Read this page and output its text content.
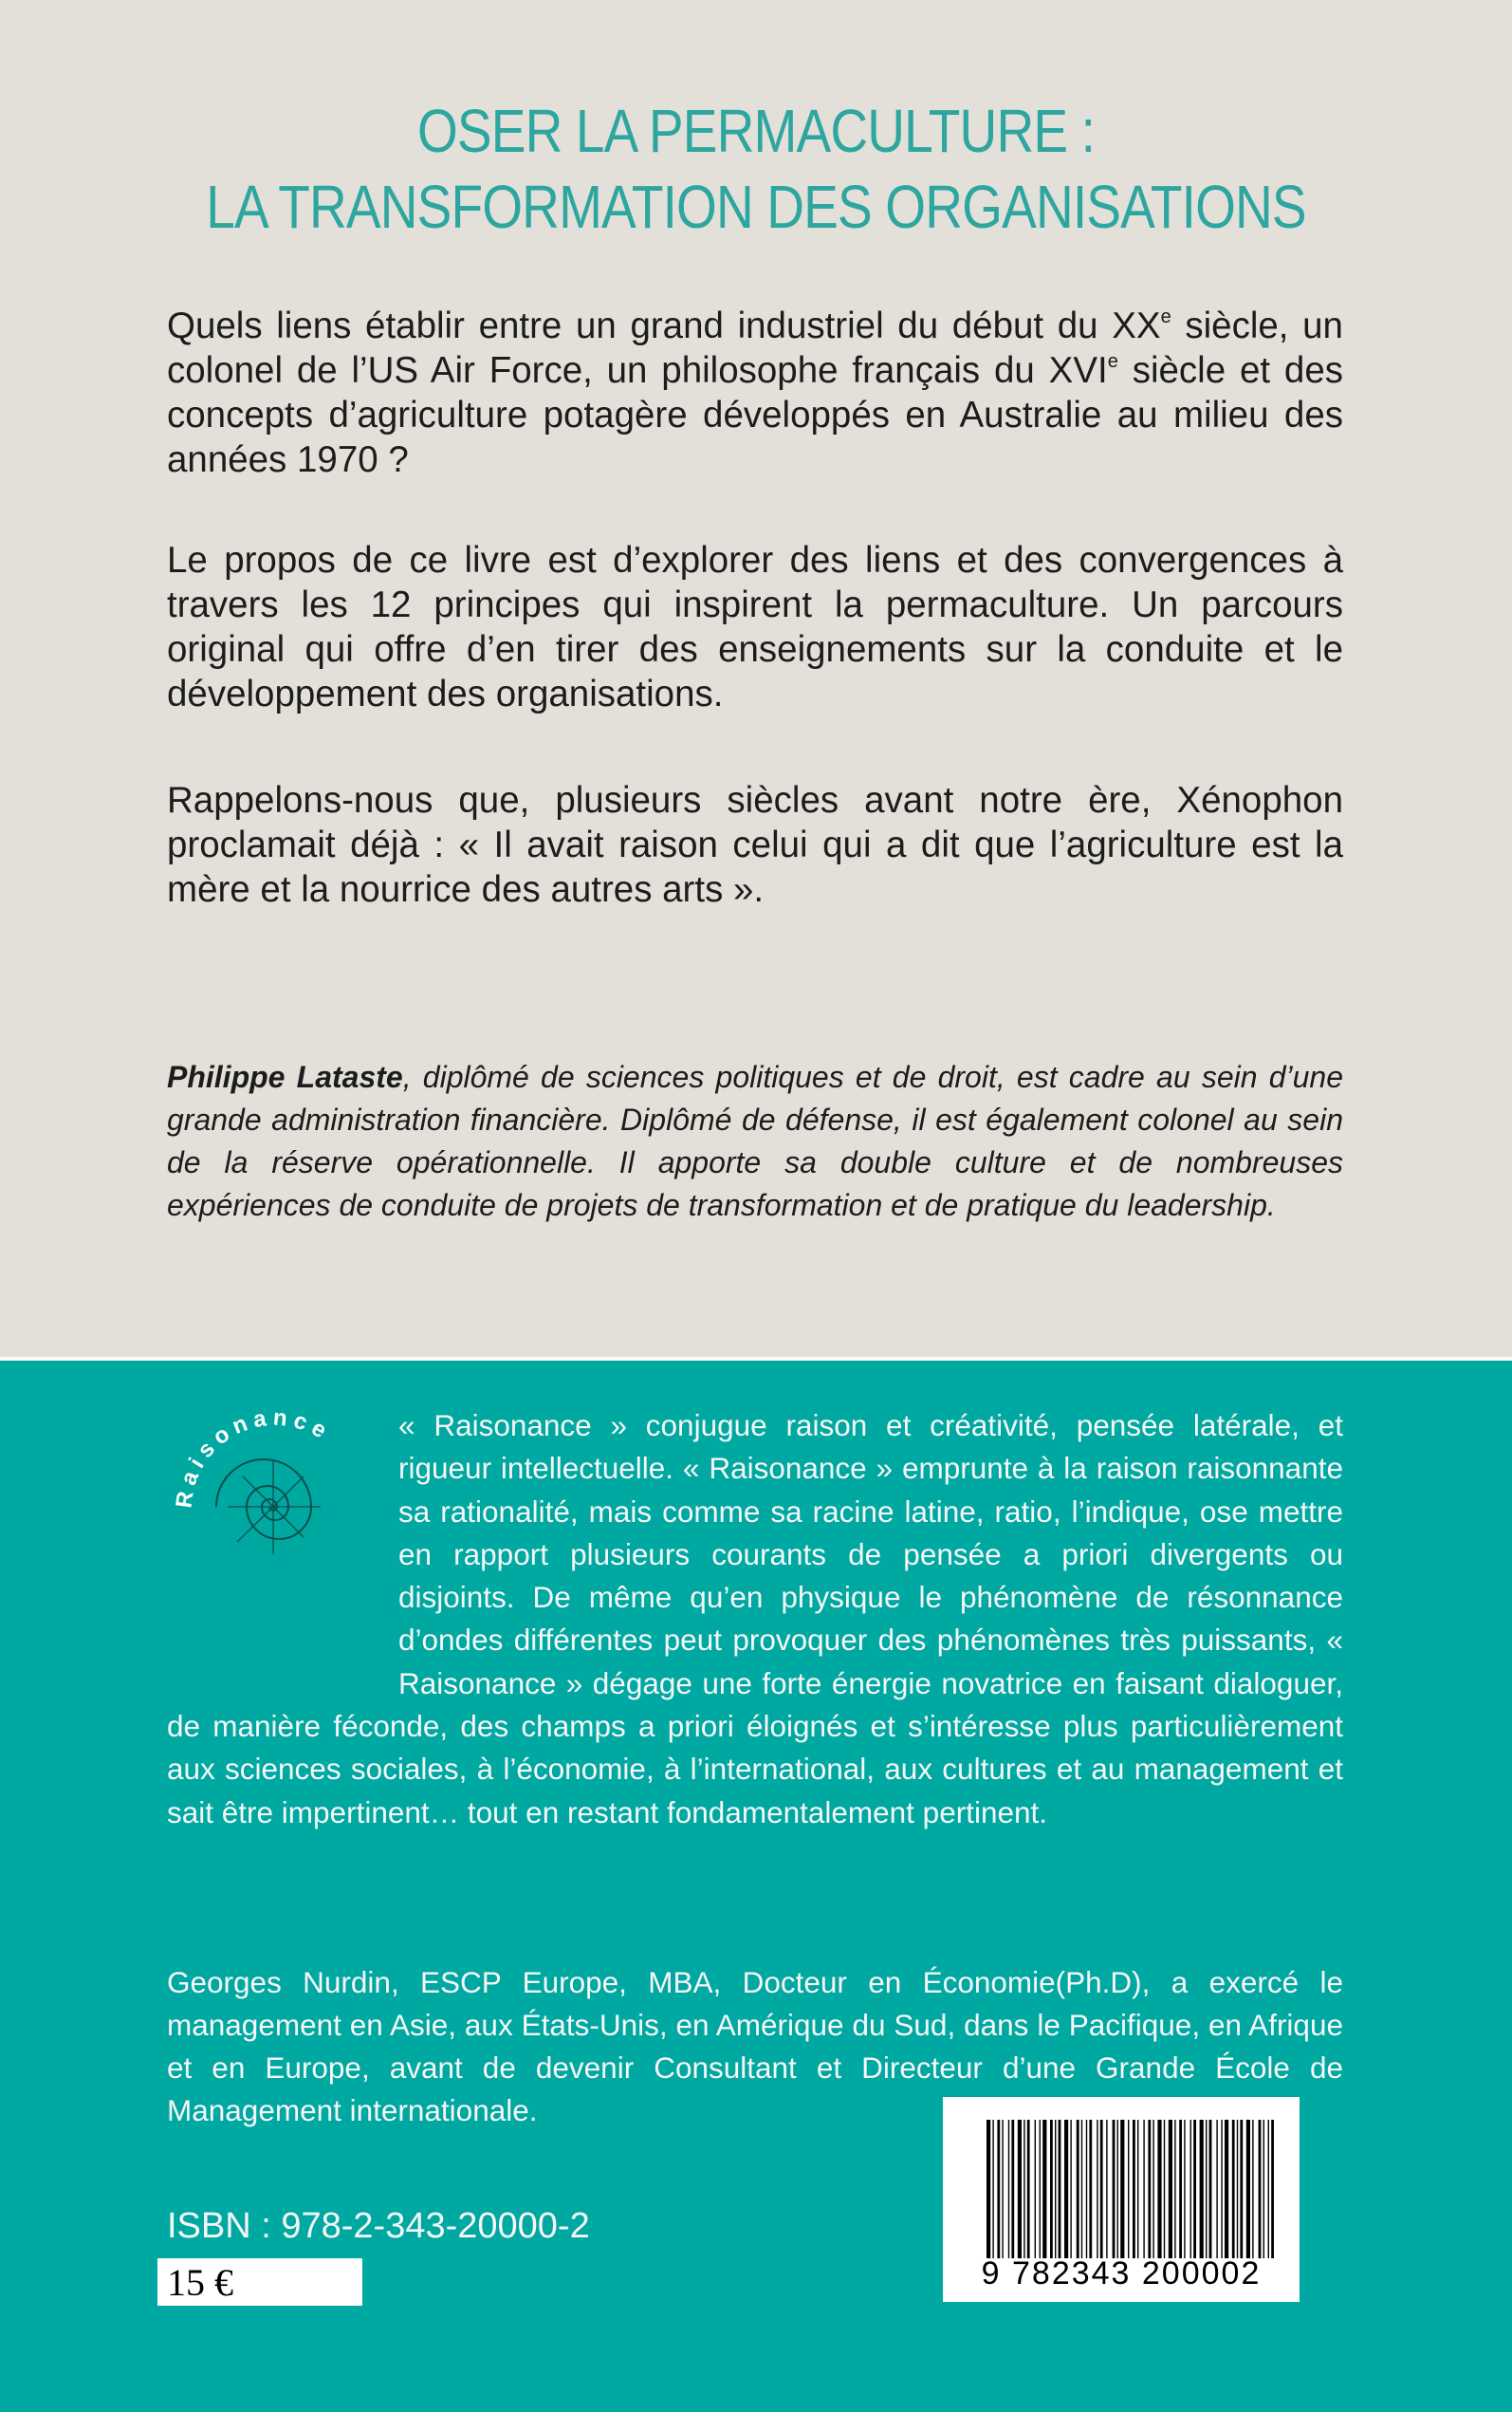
OSER LA PERMACULTURE :
LA TRANSFORMATION DES ORGANISATIONS

Quels liens établir entre un grand industriel du début du XXe siècle, un colonel de l’US Air Force, un philosophe français du XVIe siècle et des concepts d’agriculture potagère développés en Australie au milieu des années 1970 ?

Le propos de ce livre est d’explorer des liens et des convergences à travers les 12 principes qui inspirent la permaculture. Un parcours original qui offre d’en tirer des enseignements sur la conduite et le développement des organisations.

Rappelons-nous que, plusieurs siècles avant notre ère, Xénophon proclamait déjà : « Il avait raison celui qui a dit que l’agriculture est la mère et la nourrice des autres arts ».

Philippe Lataste, diplômé de sciences politiques et de droit, est cadre au sein d’une grande administration financière. Diplômé de défense, il est également colonel au sein de la réserve opérationnelle. Il apporte sa double culture et de nombreuses expériences de conduite de projets de transformation et de pratique du leadership.

Raisonance	« Raisonance » conjugue raison et créativité, pensée latérale, et rigueur intellectuelle. « Raisonance » emprunte à la raison raisonnante sa rationalité, mais comme sa racine latine, ratio, l’indique, ose mettre en rapport plusieurs courants de pensée a priori divergents ou disjoints. De même qu’en physique le phénomène de résonnance d’ondes différentes peut provoquer des phénomènes très puissants, « Raisonance » dégage une forte énergie novatrice en faisant dialoguer, de manière féconde, des champs a priori éloignés et s’intéresse plus particulièrement aux sciences sociales, à l’économie, à l’international, aux cultures et au management et sait être impertinent… tout en restant fondamentalement pertinent.

Georges Nurdin, ESCP Europe, MBA, Docteur en Économie(Ph.D), a exercé le management en Asie, aux États-Unis, en Amérique du Sud, dans le Pacifique, en Afrique et en Europe, avant de devenir Consultant et Directeur d’une Grande École de Management internationale.

ISBN : 978-2-343-20000-2
15 €	9 782343 200002
